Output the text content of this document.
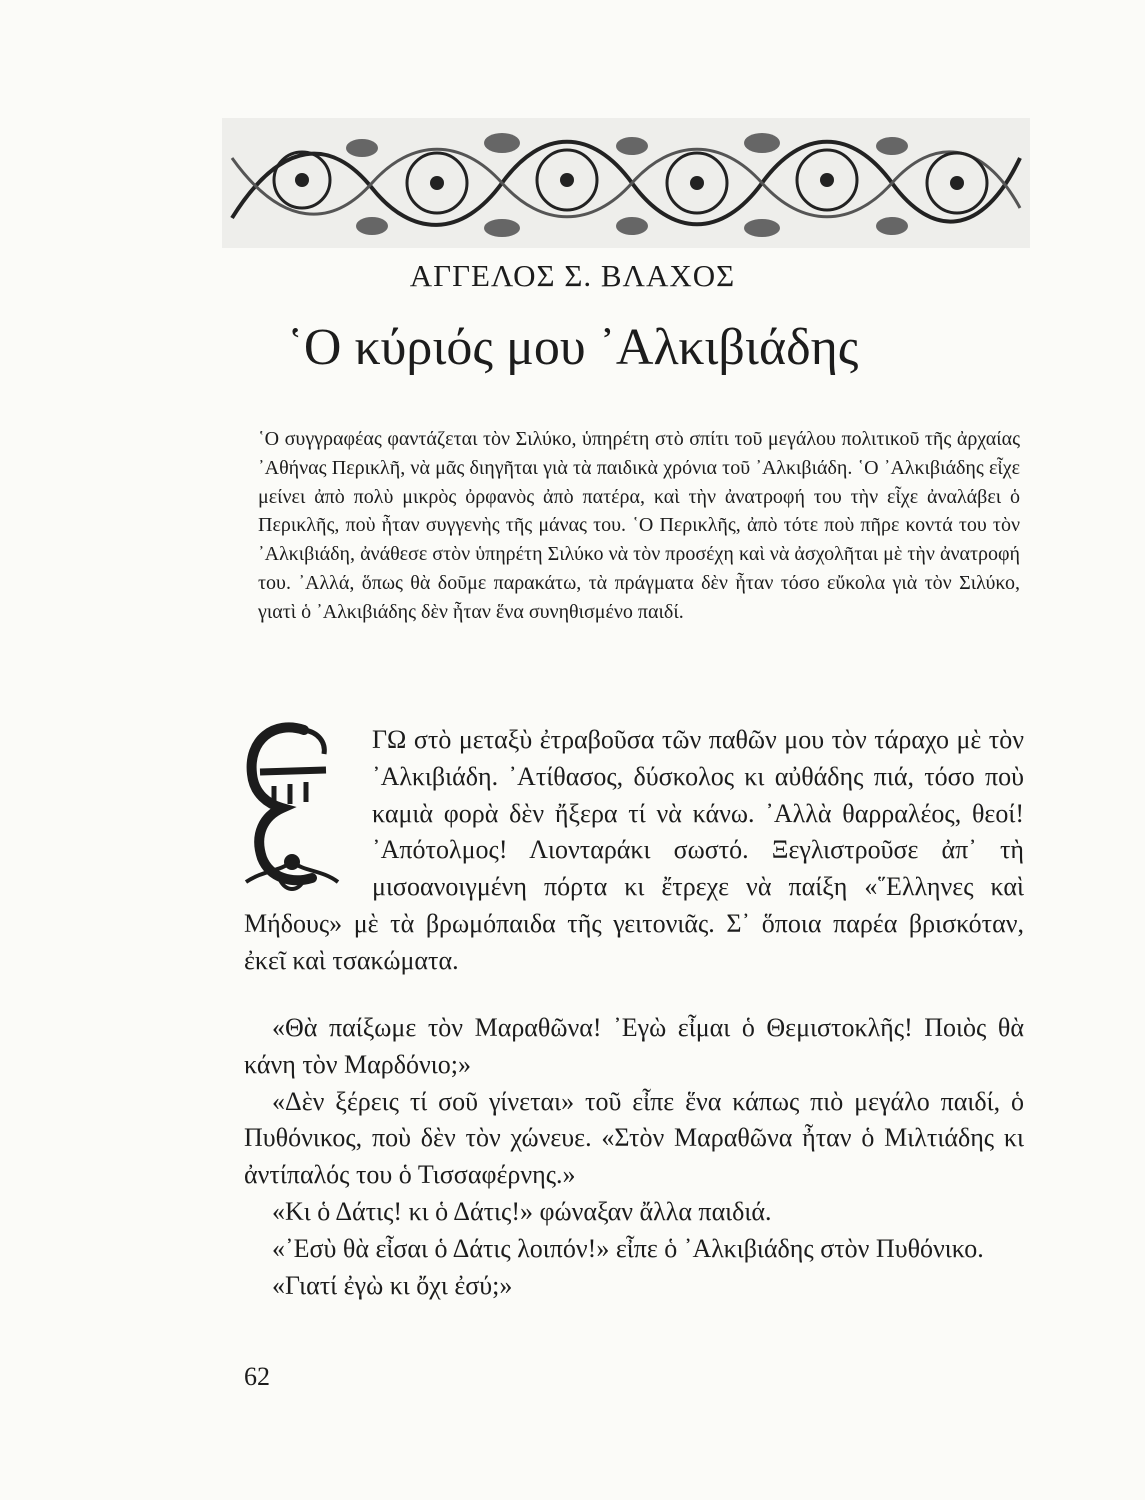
ΑΓΓΕΛΟΣ Σ. ΒΛΑΧΟΣ
῾Ο κύριός μου ᾿Αλκιβιάδης

῾Ο συγγραφέας φαντάζεται τὸν Σιλύκο, ὑπηρέτη στὸ σπίτι τοῦ μεγάλου πολιτικοῦ τῆς ἀρχαίας ᾿Αθήνας Περικλῆ, νὰ μᾶς διηγῆται γιὰ τὰ παιδικὰ χρόνια τοῦ ᾿Αλκιβιάδη. ῾Ο ᾿Αλκιβιάδης εἶχε μείνει ἀπὸ πολὺ μικρὸς ὀρφανὸς ἀπὸ πατέρα, καὶ τὴν ἀνατροφή του τὴν εἶχε ἀναλάβει ὁ Περικλῆς, ποὺ ἦταν συγγενὴς τῆς μάνας του. ῾Ο Περικλῆς, ἀπὸ τότε ποὺ πῆρε κοντά του τὸν ᾿Αλκιβιάδη, ἀνάθεσε στὸν ὑπηρέτη Σιλύκο νὰ τὸν προσέχη καὶ νὰ ἀσχολῆται μὲ τὴν ἀνατροφή του. ᾿Αλλά, ὅπως θὰ δοῦμε παρακάτω, τὰ πράγματα δὲν ἦταν τόσο εὔκολα γιὰ τὸν Σιλύκο, γιατὶ ὁ ᾿Αλκιβιάδης δὲν ἦταν ἕνα συνηθισμένο παιδί.

ΓΩ στὸ μεταξὺ ἐτραβοῦσα τῶν παθῶν μου τὸν τάραχο μὲ τὸν ᾿Αλκιβιάδη. ᾿Ατίθασος, δύσκολος κι αὐθάδης πιά, τόσο ποὺ καμιὰ φορὰ δὲν ἤξερα τί νὰ κάνω. ᾿Αλλὰ θαρραλέος, θεοί! ᾿Απότολμος! Λιονταράκι σωστό. Ξεγλιστροῦσε ἀπ᾿ τὴ μισοανοιγμένη πόρτα κι ἔτρεχε νὰ παίξη «῞Ελληνες καὶ Μήδους» μὲ τὰ βρωμόπαιδα τῆς γειτονιᾶς. Σ᾿ ὅποια παρέα βρισκόταν, ἐκεῖ καὶ τσακώματα.

«Θὰ παίξωμε τὸν Μαραθῶνα! ᾿Εγὼ εἶμαι ὁ Θεμιστοκλῆς! Ποιὸς θὰ κάνη τὸν Μαρδόνιο;»

«Δὲν ξέρεις τί σοῦ γίνεται» τοῦ εἶπε ἕνα κάπως πιὸ μεγάλο παιδί, ὁ Πυθόνικος, ποὺ δὲν τὸν χώνευε. «Στὸν Μαραθῶνα ἦταν ὁ Μιλτιάδης κι ἀντίπαλός του ὁ Τισσαφέρνης.»

«Κι ὁ Δάτις! κι ὁ Δάτις!» φώναξαν ἄλλα παιδιά.

«᾿Εσὺ θὰ εἶσαι ὁ Δάτις λοιπόν!» εἶπε ὁ ᾿Αλκιβιάδης στὸν Πυθόνικο.

«Γιατί ἐγὼ κι ὄχι ἐσύ;»

62
